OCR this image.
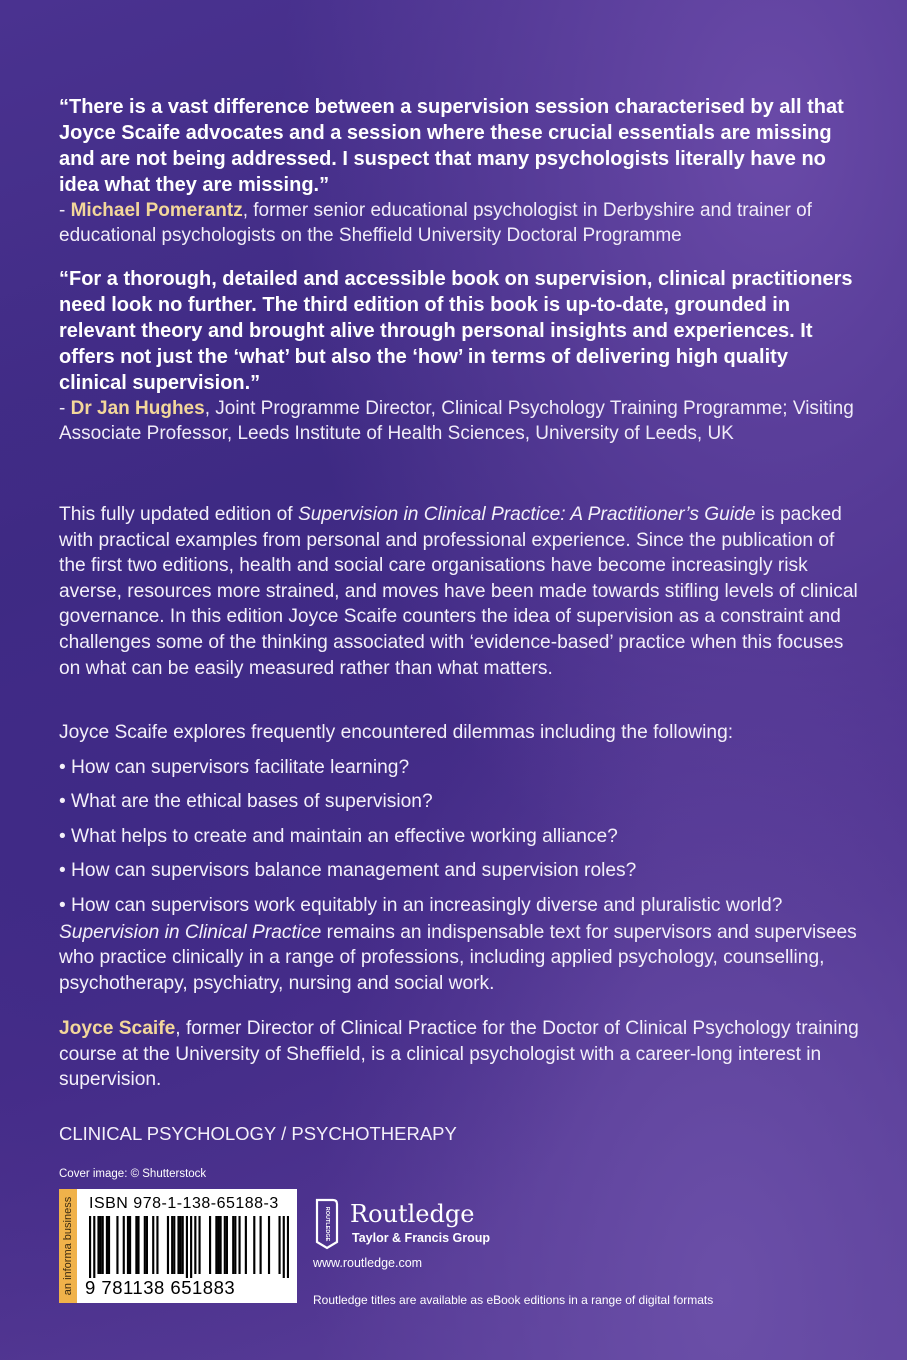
“There is a vast difference between a supervision session characterised by all that Joyce Scaife advocates and a session where these crucial essentials are missing and are not being addressed. I suspect that many psychologists literally have no idea what they are missing.”

- Michael Pomerantz, former senior educational psychologist in Derbyshire and trainer of educational psychologists on the Sheffield University Doctoral Programme

“For a thorough, detailed and accessible book on supervision, clinical practitioners need look no further. The third edition of this book is up-to-date, grounded in relevant theory and brought alive through personal insights and experiences. It offers not just the ‘what’ but also the ‘how’ in terms of delivering high quality clinical supervision.”

- Dr Jan Hughes, Joint Programme Director, Clinical Psychology Training Programme; Visiting Associate Professor, Leeds Institute of Health Sciences, University of Leeds, UK

This fully updated edition of Supervision in Clinical Practice: A Practitioner’s Guide is packed with practical examples from personal and professional experience. Since the publication of the first two editions, health and social care organisations have become increasingly risk averse, resources more strained, and moves have been made towards stifling levels of clinical governance. In this edition Joyce Scaife counters the idea of supervision as a constraint and challenges some of the thinking associated with ‘evidence-based’ practice when this focuses on what can be easily measured rather than what matters.

Joyce Scaife explores frequently encountered dilemmas including the following:

• How can supervisors facilitate learning?

• What are the ethical bases of supervision?

• What helps to create and maintain an effective working alliance?

• How can supervisors balance management and supervision roles?

• How can supervisors work equitably in an increasingly diverse and pluralistic world?

Supervision in Clinical Practice remains an indispensable text for supervisors and supervisees who practice clinically in a range of professions, including applied psychology, counselling, psychotherapy, psychiatry, nursing and social work.

Joyce Scaife, former Director of Clinical Practice for the Doctor of Clinical Psychology training course at the University of Sheffield, is a clinical psychologist with a career-long interest in supervision.

CLINICAL PSYCHOLOGY / PSYCHOTHERAPY

Cover image: © Shutterstock
an informa business ISBN 978-1-138-65188-3
9 781138 651883
ROUTLEDGE Routledge
Taylor & Francis Group
www.routledge.com
Routledge titles are available as eBook editions in a range of digital formats
